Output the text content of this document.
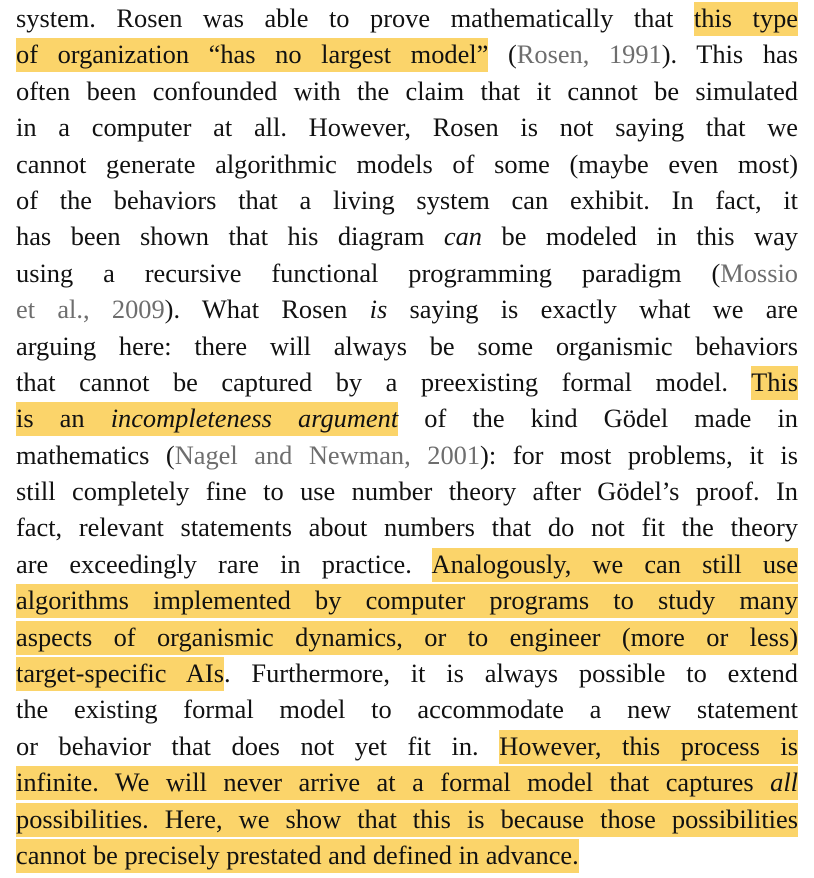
system. Rosen was able to prove mathematically that this type
of organization “has no largest model” (Rosen, 1991). This has
often been confounded with the claim that it cannot be simulated
in a computer at all. However, Rosen is not saying that we
cannot generate algorithmic models of some (maybe even most)
of the behaviors that a living system can exhibit. In fact, it
has been shown that his diagram can be modeled in this way
using a recursive functional programming paradigm (Mossio
et al., 2009). What Rosen is saying is exactly what we are
arguing here: there will always be some organismic behaviors
that cannot be captured by a preexisting formal model. This
is an incompleteness argument of the kind Gödel made in
mathematics (Nagel and Newman, 2001): for most problems, it is
still completely fine to use number theory after Gödel’s proof. In
fact, relevant statements about numbers that do not fit the theory
are exceedingly rare in practice. Analogously, we can still use
algorithms implemented by computer programs to study many
aspects of organismic dynamics, or to engineer (more or less)
target-specific AIs. Furthermore, it is always possible to extend
the existing formal model to accommodate a new statement
or behavior that does not yet fit in. However, this process is
infinite. We will never arrive at a formal model that captures all
possibilities. Here, we show that this is because those possibilities
cannot be precisely prestated and defined in advance.
